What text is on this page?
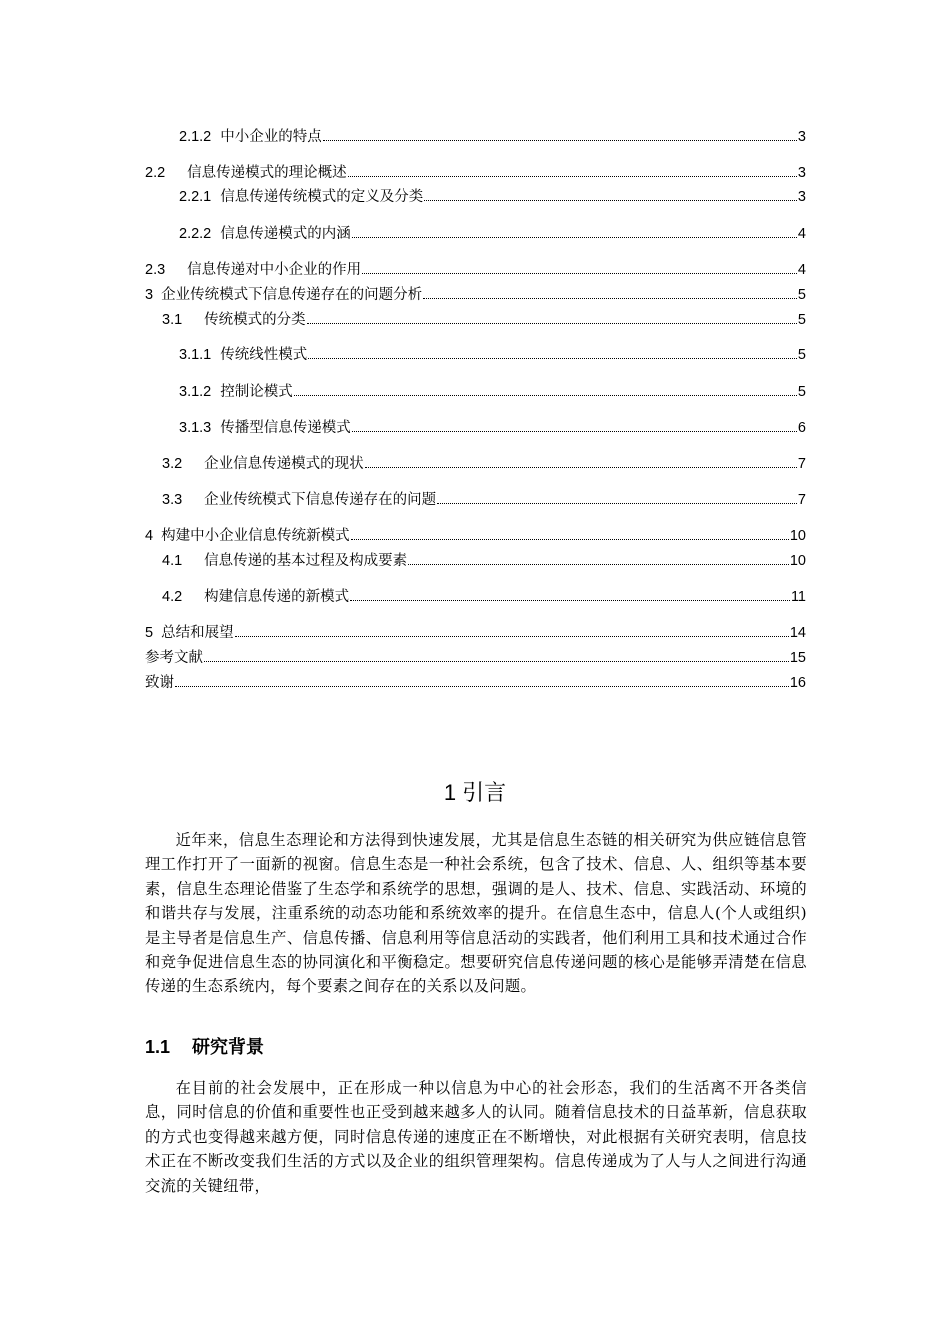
2.1.2 中小企业的特点	3
2.2 信息传递模式的理论概述	3
2.2.1 信息传递传统模式的定义及分类	3
2.2.2 信息传递模式的内涵	4
2.3 信息传递对中小企业的作用	4
3 企业传统模式下信息传递存在的问题分析	5
3.1 传统模式的分类	5
3.1.1 传统线性模式	5
3.1.2 控制论模式	5
3.1.3 传播型信息传递模式	6
3.2 企业信息传递模式的现状	7
3.3 企业传统模式下信息传递存在的问题	7
4 构建中小企业信息传统新模式	10
4.1 信息传递的基本过程及构成要素	10
4.2 构建信息传递的新模式	11
5 总结和展望	14
参考文献	15
致谢	16
1 引言
近年来，信息生态理论和方法得到快速发展，尤其是信息生态链的相关研究为供应链信息管理工作打开了一面新的视窗。信息生态是一种社会系统，包含了技术、信息、人、组织等基本要素，信息生态理论借鉴了生态学和系统学的思想，强调的是人、技术、信息、实践活动、环境的和谐共存与发展，注重系统的动态功能和系统效率的提升。在信息生态中，信息人(个人或组织)是主导者是信息生产、信息传播、信息利用等信息活动的实践者，他们利用工具和技术通过合作和竞争促进信息生态的协同演化和平衡稳定。想要研究信息传递问题的核心是能够弄清楚在信息传递的生态系统内，每个要素之间存在的关系以及问题。
1.1 研究背景
在目前的社会发展中，正在形成一种以信息为中心的社会形态，我们的生活离不开各类信息，同时信息的价值和重要性也正受到越来越多人的认同。随着信息技术的日益革新，信息获取的方式也变得越来越方便，同时信息传递的速度正在不断增快，对此根据有关研究表明，信息技术正在不断改变我们生活的方式以及企业的组织管理架构。信息传递成为了人与人之间进行沟通交流的关键纽带，
